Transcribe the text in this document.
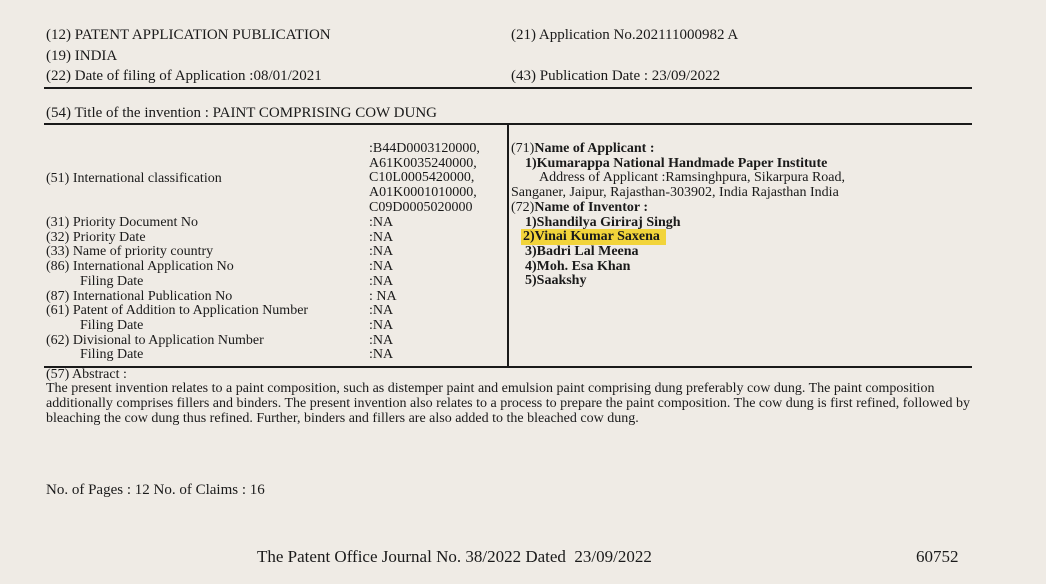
(12) PATENT APPLICATION PUBLICATION
(19) INDIA
(22) Date of filing of Application :08/01/2021
(21) Application No.202111000982 A
(43) Publication Date : 23/09/2022
(54) Title of the invention : PAINT COMPRISING COW DUNG
(51) International classification
:B44D0003120000,
A61K0035240000,
C10L0005420000,
A01K0001010000,
C09D0005020000
(31) Priority Document No
(32) Priority Date
(33) Name of priority country
(86) International Application No
Filing Date
(87) International Publication No
(61) Patent of Addition to Application Number
Filing Date
(62) Divisional to Application Number
Filing Date
:NA
:NA
:NA
:NA
:NA
: NA
:NA
:NA
:NA
:NA
(71)Name of Applicant :
1)Kumarappa National Handmade Paper Institute
Address of Applicant :Ramsinghpura, Sikarpura Road,
Sanganer, Jaipur, Rajasthan-303902, India Rajasthan India
(72)Name of Inventor :
1)Shandilya Giriraj Singh
2)Vinai Kumar Saxena
3)Badri Lal Meena
4)Moh. Esa Khan
5)Saakshy
(57) Abstract :
The present invention relates to a paint composition, such as distemper paint and emulsion paint comprising dung preferably cow dung. The paint composition additionally comprises fillers and binders. The present invention also relates to a process to prepare the paint composition. The cow dung is first refined, followed by bleaching the cow dung thus refined. Further, binders and fillers are also added to the bleached cow dung.
No. of Pages : 12 No. of Claims : 16
The Patent Office Journal No. 38/2022 Dated  23/09/2022	60752
